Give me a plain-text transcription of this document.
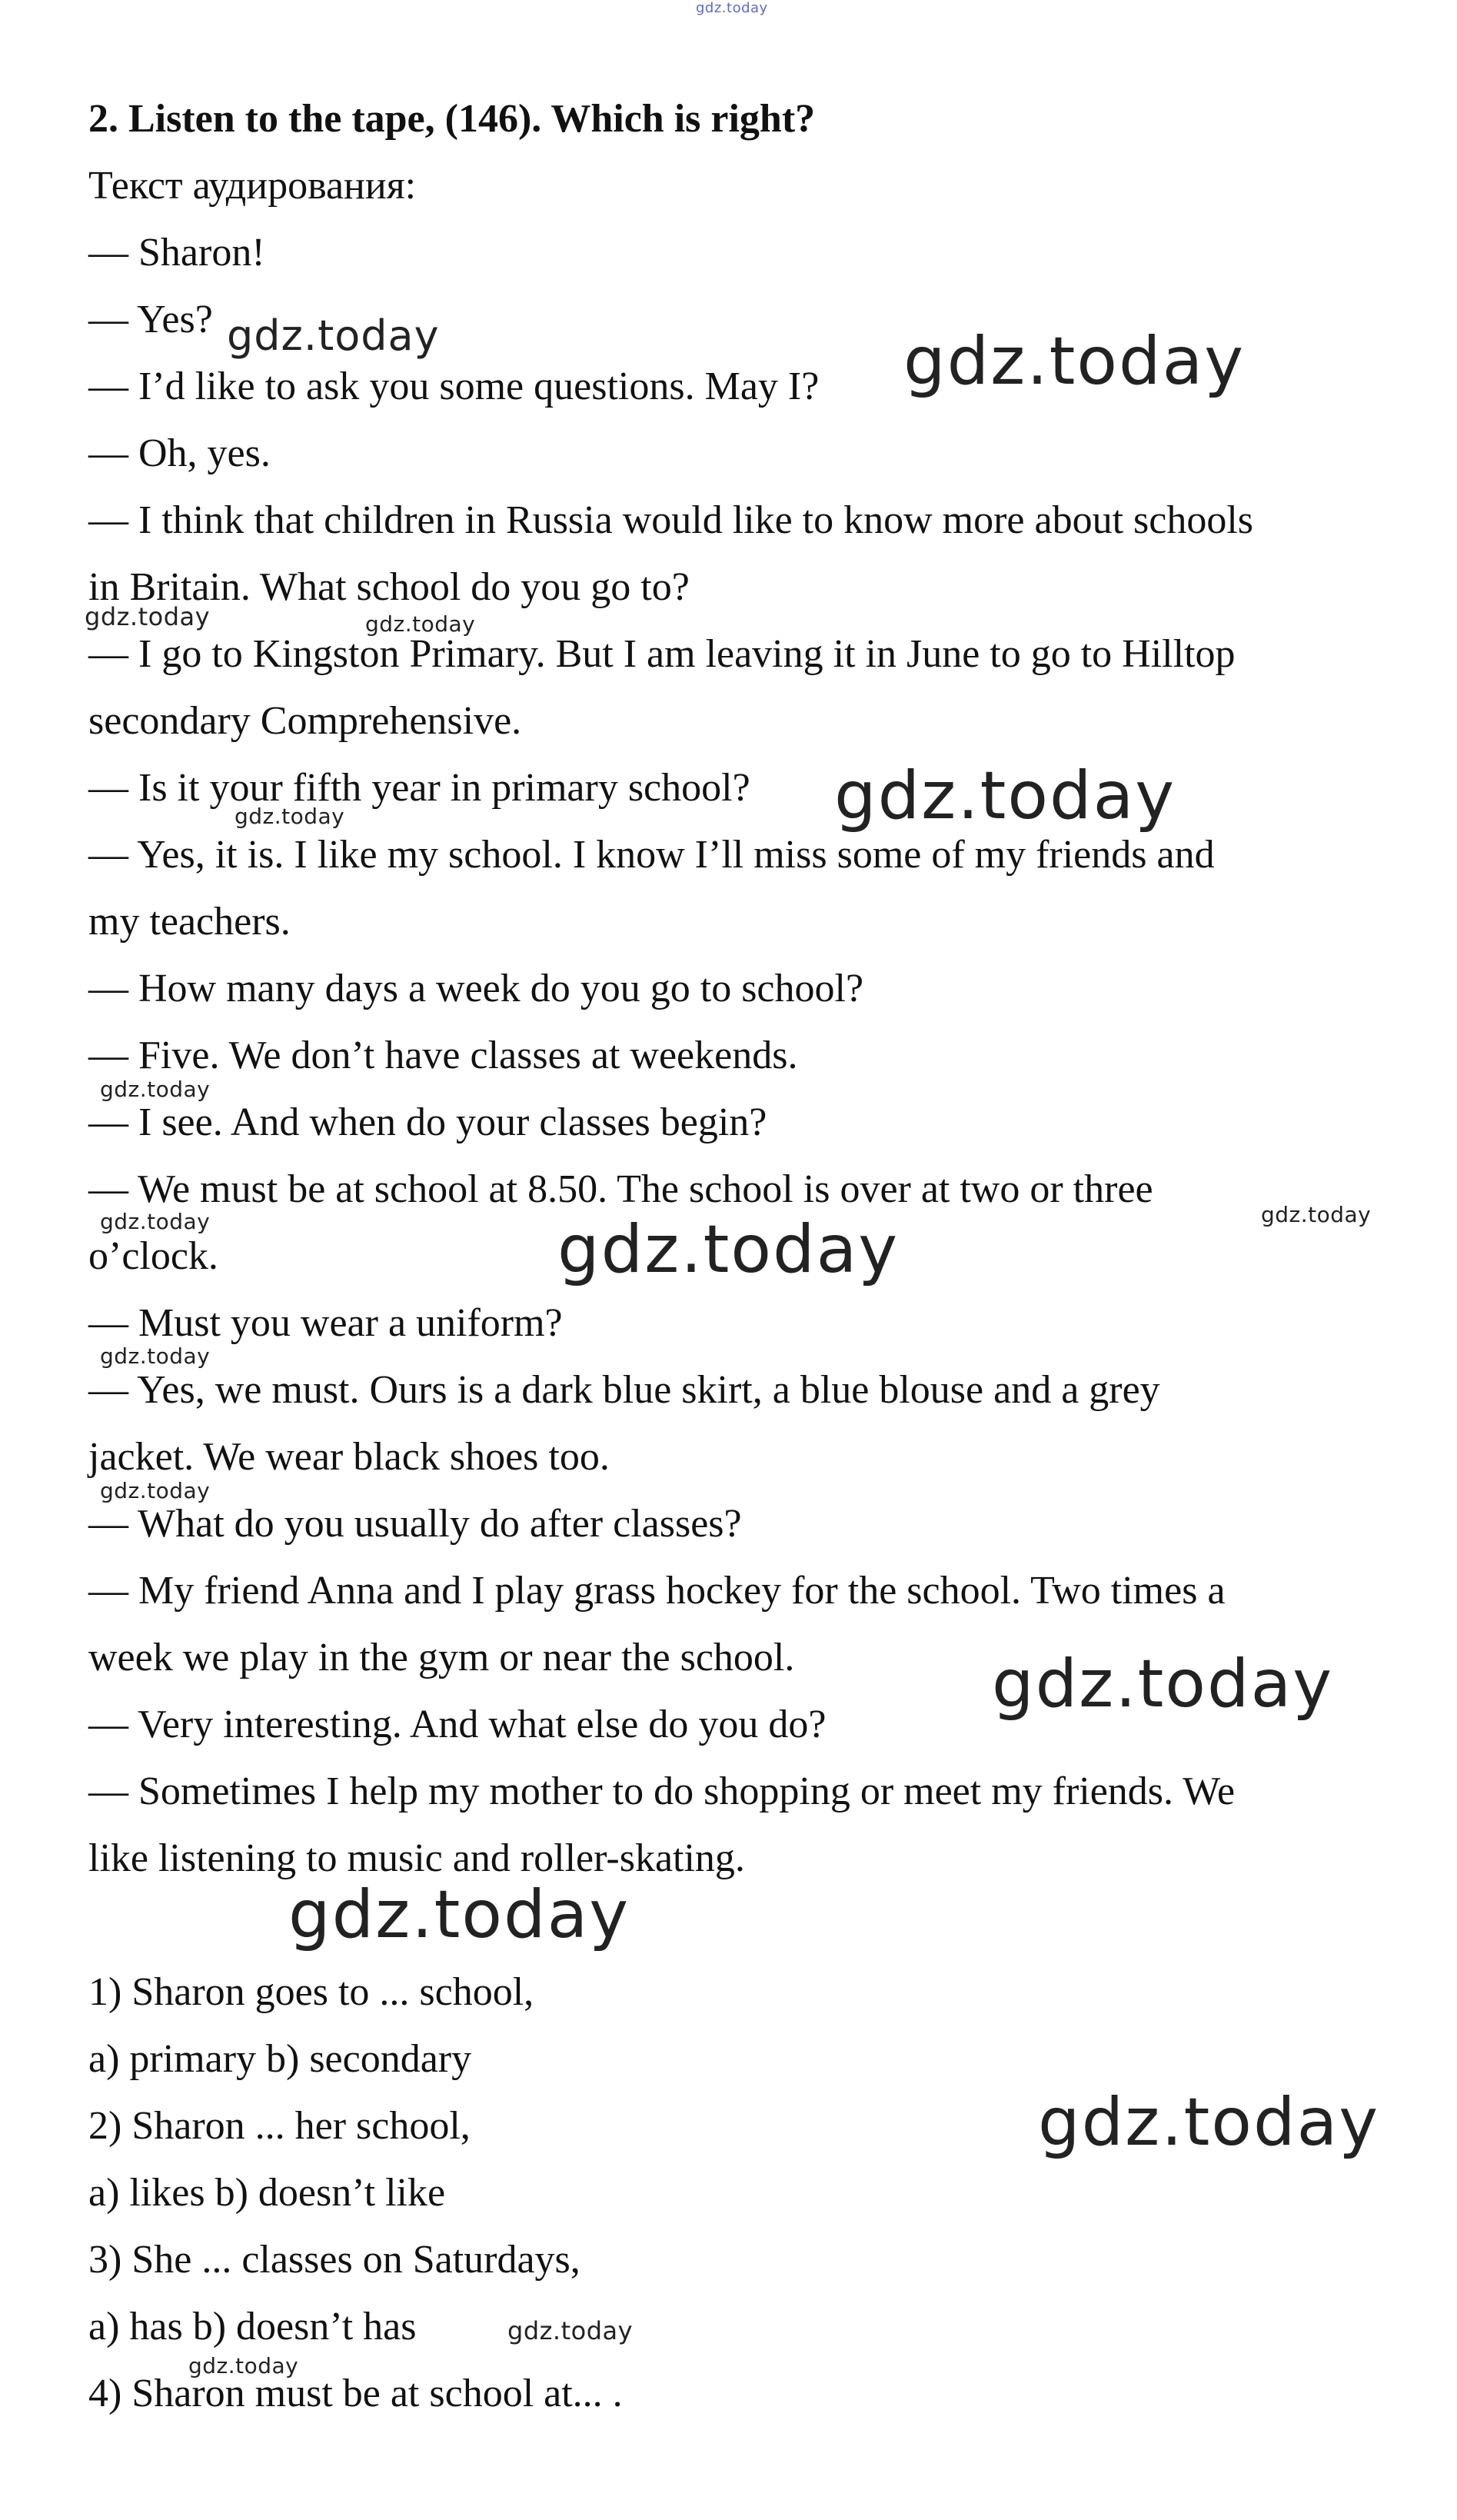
gdz.today
2. Listen to the tape, (146). Which is right?
Текст аудирования:
— Sharon!
— Yes?
— I’d like to ask you some questions. May I?
— Oh, yes.
— I think that children in Russia would like to know more about schools
in Britain. What school do you go to?
— I go to Kingston Primary. But I am leaving it in June to go to Hilltop
secondary Comprehensive.
— Is it your fifth year in primary school?
— Yes, it is. I like my school. I know I’ll miss some of my friends and
my teachers.
— How many days a week do you go to school?
— Five. We don’t have classes at weekends.
— I see. And when do your classes begin?
— We must be at school at 8.50. The school is over at two or three
o’clock.
— Must you wear a uniform?
— Yes, we must. Ours is a dark blue skirt, a blue blouse and a grey
jacket. We wear black shoes too.
— What do you usually do after classes?
— My friend Anna and I play grass hockey for the school. Two times a
week we play in the gym or near the school.
— Very interesting. And what else do you do?
— Sometimes I help my mother to do shopping or meet my friends. We
like listening to music and roller-skating.
1) Sharon goes to ... school,
a) primary b) secondary
2) Sharon ... her school,
a) likes b) doesn’t like
3) She ... classes on Saturdays,
a) has b) doesn’t has
4) Sharon must be at school at... .
gdz.today	gdz.today
gdz.today	gdz.today
gdz.today
gdz.today
gdz.today
gdz.today	gdz.today
gdz.today
gdz.today
gdz.today
gdz.today
gdz.today
gdz.today
gdz.today
gdz.today
